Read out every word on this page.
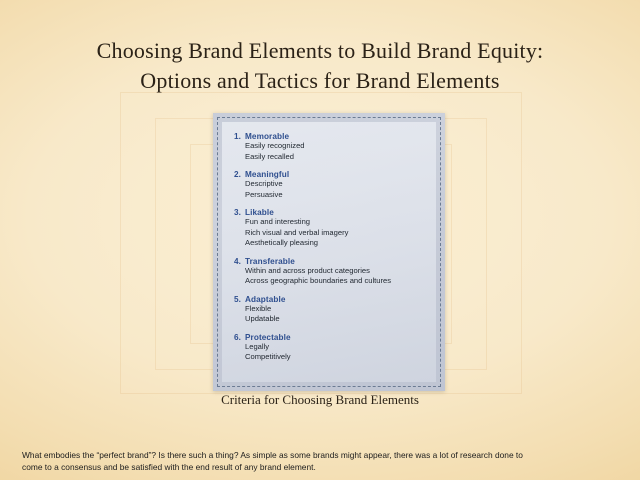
Choosing Brand Elements to Build Brand Equity:
Options and Tactics for Brand Elements
1. Memorable
Easily recognized
Easily recalled
2. Meaningful
Descriptive
Persuasive
3. Likable
Fun and interesting
Rich visual and verbal imagery
Aesthetically pleasing
4. Transferable
Within and across product categories
Across geographic boundaries and cultures
5. Adaptable
Flexible
Updatable
6. Protectable
Legally
Competitively
Criteria for Choosing Brand Elements
What embodies the “perfect brand”? Is there such a thing? As simple as some brands might appear, there was a lot of research done to
come to a consensus and be satisfied with the end result of any brand element.
